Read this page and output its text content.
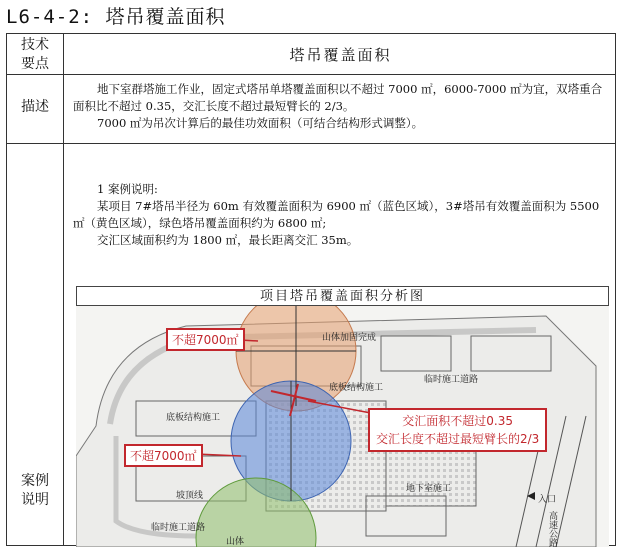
L6-4-2: 塔吊覆盖面积
技术
要点	塔吊覆盖面积
描述

地下室群塔施工作业，固定式塔吊单塔覆盖面积以不超过 7000 ㎡，6000-7000 ㎡为宜，双塔重合面积比不超过 0.35，交汇长度不超过最短臂长的 2/3。

7000 ㎡为吊次计算后的最佳功效面积（可结合结构形式调整）。

案例
说明

1 案例说明:

某项目 7#塔吊半径为 60m 有效覆盖面积为 6900 ㎡（蓝色区域），3#塔吊有效覆盖面积为 5500 ㎡（黄色区域），绿色塔吊覆盖面积约为 6800 ㎡;

交汇区域面积约为 1800 ㎡，最长距离交汇 35m。

项目塔吊覆盖面积分析图
山体加固完成
底板结构施工
底板结构施工
临时施工道路
临时施工道路
地下室施工
坡顶线	入口
高速公路
山体
不超7000㎡
不超7000㎡
交汇面积不超过0.35
交汇长度不超过最短臂长的2/3
